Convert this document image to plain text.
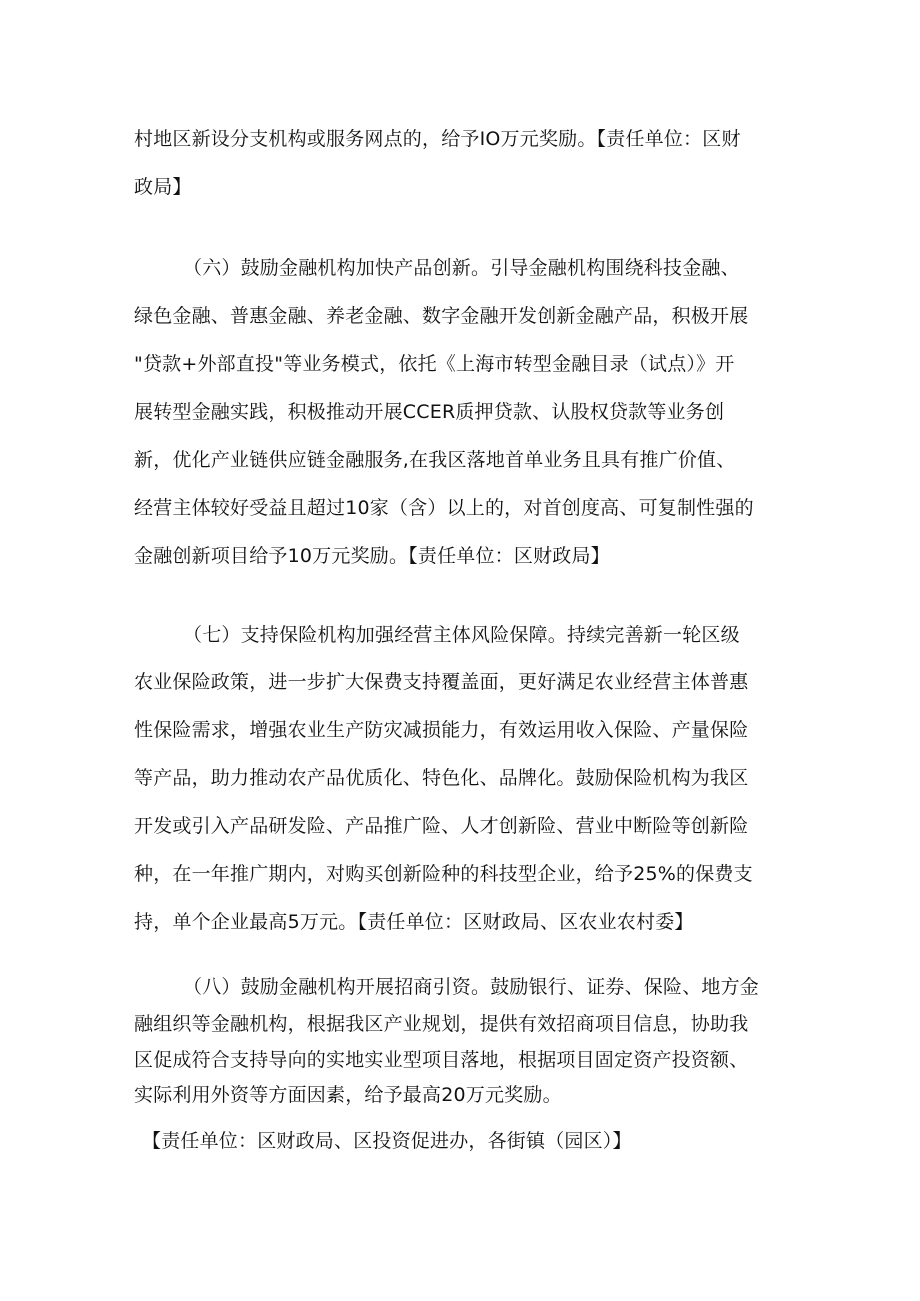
村地区新设分支机构或服务网点的，给予IO万元奖励。【责任单位：区财
政局】
（六）鼓励金融机构加快产品创新。引导金融机构围绕科技金融、
绿色金融、普惠金融、养老金融、数字金融开发创新金融产品，积极开展
"贷款+外部直投"等业务模式，依托《上海市转型金融目录（试点）》开
展转型金融实践，积极推动开展CCER质押贷款、认股权贷款等业务创
新，优化产业链供应链金融服务,在我区落地首单业务且具有推广价值、
经营主体较好受益且超过10家（含）以上的，对首创度高、可复制性强的
金融创新项目给予10万元奖励。【责任单位：区财政局】
（七）支持保险机构加强经营主体风险保障。持续完善新一轮区级
农业保险政策，进一步扩大保费支持覆盖面，更好满足农业经营主体普惠
性保险需求，增强农业生产防灾减损能力，有效运用收入保险、产量保险
等产品，助力推动农产品优质化、特色化、品牌化。鼓励保险机构为我区
开发或引入产品研发险、产品推广险、人才创新险、营业中断险等创新险
种，在一年推广期内，对购买创新险种的科技型企业，给予25%的保费支
持，单个企业最高5万元。【责任单位：区财政局、区农业农村委】
（八）鼓励金融机构开展招商引资。鼓励银行、证券、保险、地方金
融组织等金融机构，根据我区产业规划，提供有效招商项目信息，协助我
区促成符合支持导向的实地实业型项目落地，根据项目固定资产投资额、
实际利用外资等方面因素，给予最高20万元奖励。
【责任单位：区财政局、区投资促进办，各街镇（园区）】
